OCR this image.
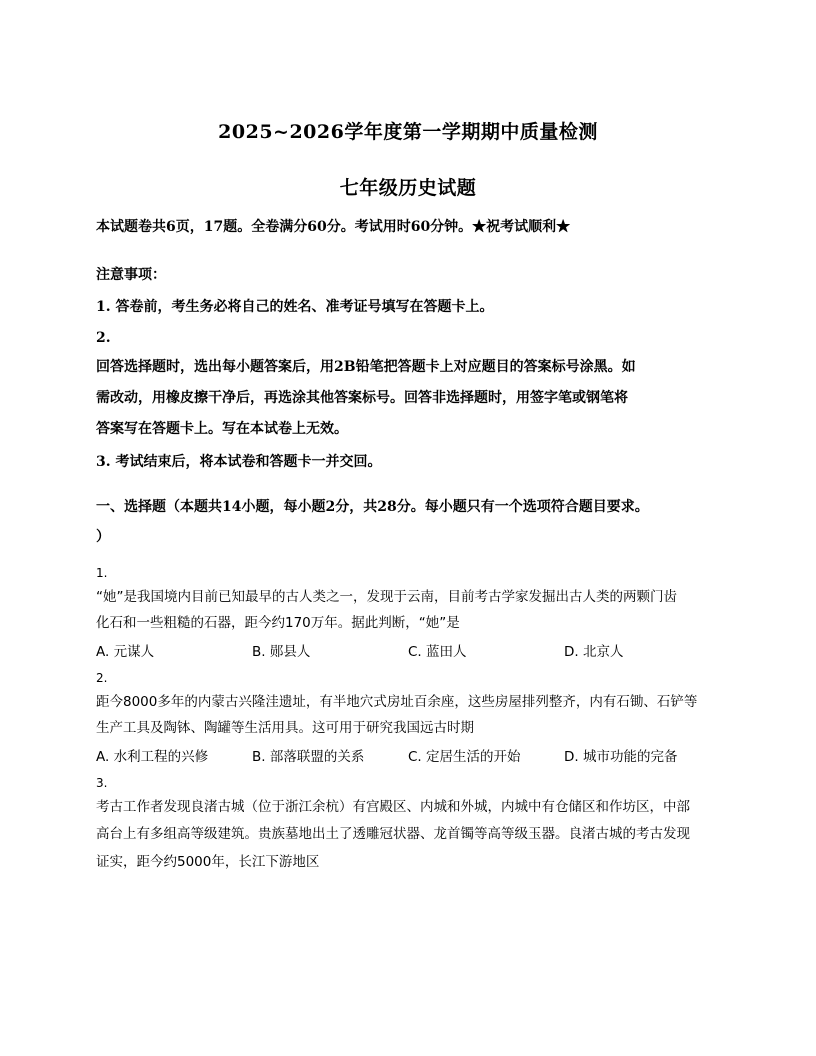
2025~2026学年度第一学期期中质量检测
七年级历史试题
本试题卷共6页，17题。全卷满分60分。考试用时60分钟。★祝考试顺利★
注意事项：
1. 答卷前，考生务必将自己的姓名、准考证号填写在答题卡上。
2.
回答选择题时，选出每小题答案后，用2B铅笔把答题卡上对应题目的答案标号涂黑。如
需改动，用橡皮擦干净后，再选涂其他答案标号。回答非选择题时，用签字笔或钢笔将
答案写在答题卡上。写在本试卷上无效。
3. 考试结束后，将本试卷和答题卡一并交回。
一、选择题（本题共14小题，每小题2分，共28分。每小题只有一个选项符合题目要求。
）
1.
“她”是我国境内目前已知最早的古人类之一，发现于云南，目前考古学家发掘出古人类的两颗门齿
化石和一些粗糙的石器，距今约170万年。据此判断，“她”是
A. 元谋人	B. 郧县人	C. 蓝田人	D. 北京人
2.
距今8000多年的内蒙古兴隆洼遗址，有半地穴式房址百余座，这些房屋排列整齐，内有石锄、石铲等
生产工具及陶钵、陶罐等生活用具。这可用于研究我国远古时期
A. 水利工程的兴修	B. 部落联盟的关系	C. 定居生活的开始	D. 城市功能的完备
3.
考古工作者发现良渚古城（位于浙江余杭）有宫殿区、内城和外城，内城中有仓储区和作坊区，中部
高台上有多组高等级建筑。贵族墓地出土了透雕冠状器、龙首镯等高等级玉器。良渚古城的考古发现
证实，距今约5000年，长江下游地区
